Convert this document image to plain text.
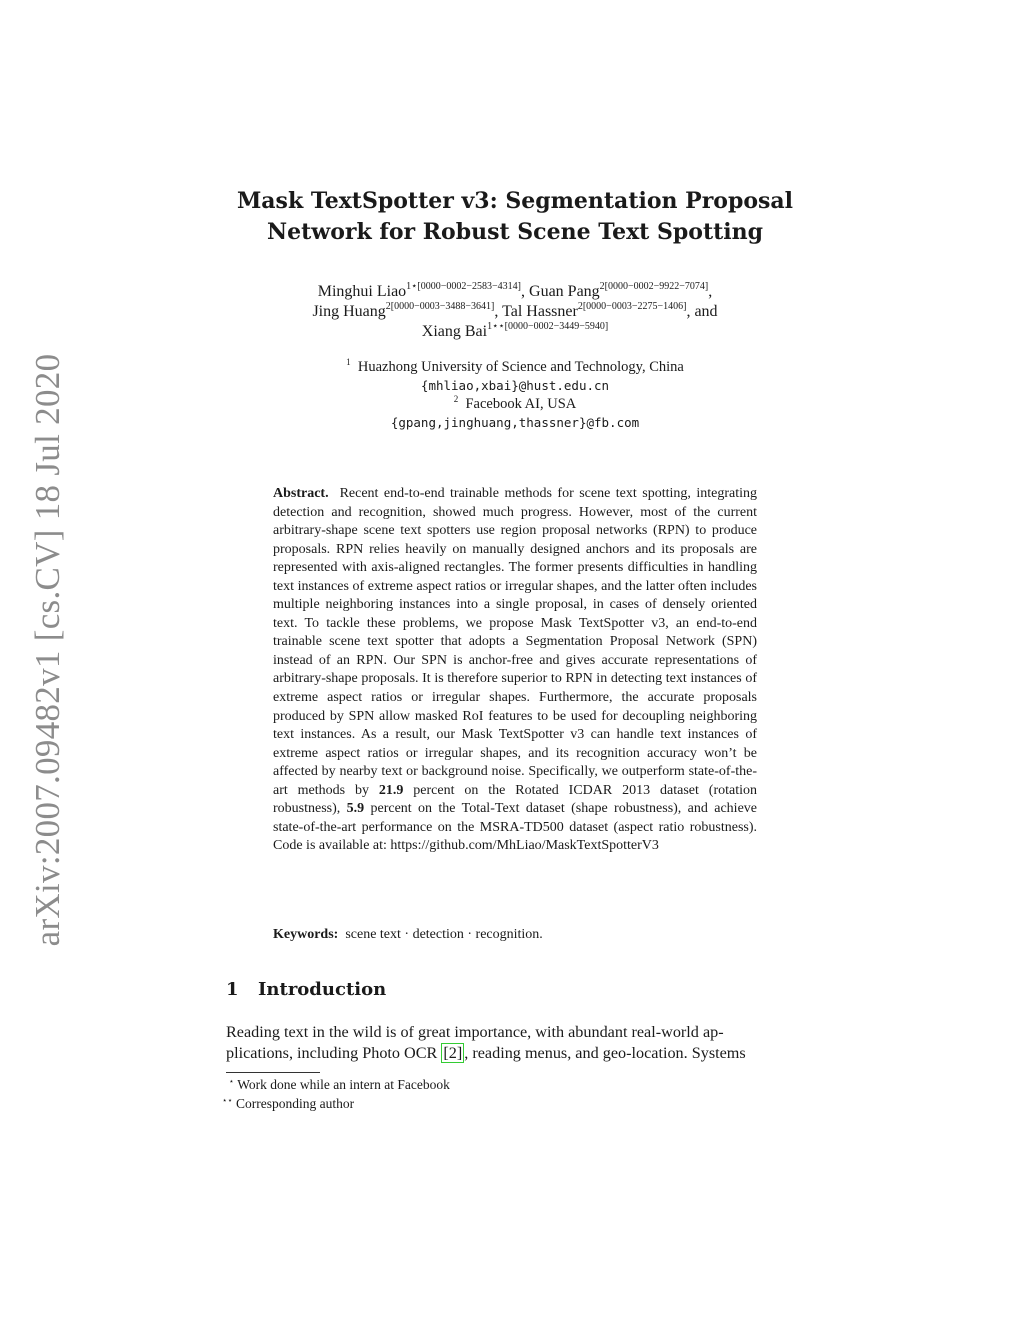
arXiv:2007.09482v1 [cs.CV] 18 Jul 2020
Mask TextSpotter v3: Segmentation Proposal
Network for Robust Scene Text Spotting
Minghui Liao$^{1⋆[0000-0002-2583-4314]}$, Guan Pang$^{2[0000-0002-9922-7074]}$,
Jing Huang$^{2[0000-0003-3488-3641]}$, Tal Hassner$^{2[0000-0003-2275-1406]}$, and
Xiang Bai$^{1⋆⋆[0000-0002-3449-5940]}$
$^1$ Huazhong University of Science and Technology, China
{mhliao,xbai}@hust.edu.cn
$^2$ Facebook AI, USA
{gpang,jinghuang,thassner}@fb.com
Abstract. Recent end-to-end trainable methods for scene text spotting, integrating detection and recognition, showed much progress. However, most of the current arbitrary-shape scene text spotters use region proposal networks (RPN) to produce proposals. RPN relies heavily on manually designed anchors and its proposals are represented with axis-aligned rectangles. The former presents difficulties in handling text instances of extreme aspect ratios or irregular shapes, and the latter often includes multiple neighboring instances into a single proposal, in cases of densely oriented text. To tackle these problems, we propose Mask TextSpotter v3, an end-to-end trainable scene text spotter that adopts a Segmentation Proposal Network (SPN) instead of an RPN. Our SPN is anchor-free and gives accurate representations of arbitrary-shape proposals. It is therefore superior to RPN in detecting text instances of extreme aspect ratios or irregular shapes. Furthermore, the accurate proposals produced by SPN allow masked RoI features to be used for decoupling neighboring text instances. As a result, our Mask TextSpotter v3 can handle text instances of extreme aspect ratios or irregular shapes, and its recognition accuracy won’t be affected by nearby text or background noise. Specifically, we outperform state-of-the-art methods by 21.9 percent on the Rotated ICDAR 2013 dataset (rotation robustness), 5.9 percent on the Total-Text dataset (shape robustness), and achieve state-of-the-art performance on the MSRA-TD500 dataset (aspect ratio robustness). Code is available at: https://github.com/MhLiao/MaskTextSpotterV3
Keywords: scene text · detection · recognition.
1 Introduction
Reading text in the wild is of great importance, with abundant real-world ap-
plications, including Photo OCR [2] , reading menus, and geo-location. Systems
⋆ Work done while an intern at Facebook
⋆⋆ Corresponding author
